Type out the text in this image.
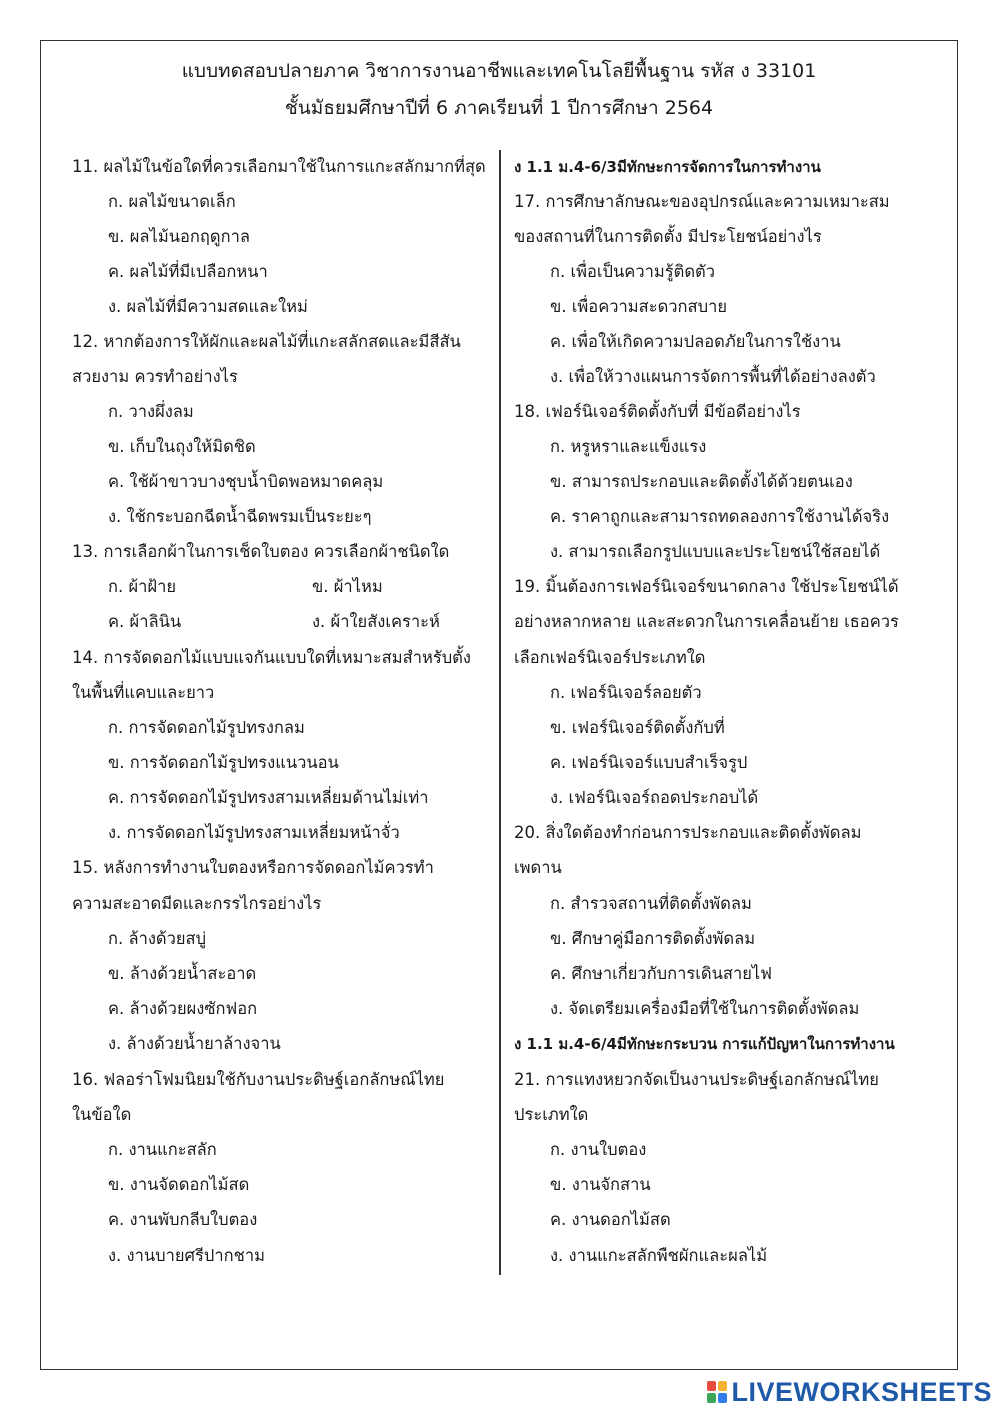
แบบทดสอบปลายภาค วิชาการงานอาชีพและเทคโนโลยีพื้นฐาน รหัส ง 33101
ชั้นมัธยมศึกษาปีที่ 6 ภาคเรียนที่ 1 ปีการศึกษา 2564
11. ผลไม้ในข้อใดที่ควรเลือกมาใช้ในการแกะสลักมากที่สุด
ก. ผลไม้ขนาดเล็ก
ข. ผลไม้นอกฤดูกาล
ค. ผลไม้ที่มีเปลือกหนา
ง. ผลไม้ที่มีความสดและใหม่
12. หากต้องการให้ผักและผลไม้ที่แกะสลักสดและมีสีสัน
สวยงาม ควรทำอย่างไร
ก. วางผึ่งลม
ข. เก็บในถุงให้มิดชิด
ค. ใช้ผ้าขาวบางชุบน้ำบิดพอหมาดคลุม
ง. ใช้กระบอกฉีดน้ำฉีดพรมเป็นระยะๆ
13. การเลือกผ้าในการเช็ดใบตอง ควรเลือกผ้าชนิดใด
ก. ผ้าฝ้าย	ข. ผ้าไหม
ค. ผ้าลินิน	ง. ผ้าใยสังเคราะห์
14. การจัดดอกไม้แบบแจกันแบบใดที่เหมาะสมสำหรับตั้ง
ในพื้นที่แคบและยาว
ก. การจัดดอกไม้รูปทรงกลม
ข. การจัดดอกไม้รูปทรงแนวนอน
ค. การจัดดอกไม้รูปทรงสามเหลี่ยมด้านไม่เท่า
ง. การจัดดอกไม้รูปทรงสามเหลี่ยมหน้าจั่ว
15. หลังการทำงานใบตองหรือการจัดดอกไม้ควรทำ
ความสะอาดมีดและกรรไกรอย่างไร
ก. ล้างด้วยสบู่
ข. ล้างด้วยน้ำสะอาด
ค. ล้างด้วยผงซักฟอก
ง. ล้างด้วยน้ำยาล้างจาน
16. ฟลอร่าโฟมนิยมใช้กับงานประดิษฐ์เอกลักษณ์ไทย
ในข้อใด
ก. งานแกะสลัก
ข. งานจัดดอกไม้สด
ค. งานพับกลีบใบตอง
ง. งานบายศรีปากชาม
ง 1.1 ม.4-6/3มีทักษะการจัดการในการทำงาน
17. การศึกษาลักษณะของอุปกรณ์และความเหมาะสม
ของสถานที่ในการติดตั้ง มีประโยชน์อย่างไร
ก. เพื่อเป็นความรู้ติดตัว
ข. เพื่อความสะดวกสบาย
ค. เพื่อให้เกิดความปลอดภัยในการใช้งาน
ง. เพื่อให้วางแผนการจัดการพื้นที่ได้อย่างลงตัว
18. เฟอร์นิเจอร์ติดตั้งกับที่ มีข้อดีอย่างไร
ก. หรูหราและแข็งแรง
ข. สามารถประกอบและติดตั้งได้ด้วยตนเอง
ค. ราคาถูกและสามารถทดลองการใช้งานได้จริง
ง. สามารถเลือกรูปแบบและประโยชน์ใช้สอยได้
19. มิ้นต้องการเฟอร์นิเจอร์ขนาดกลาง ใช้ประโยชน์ได้
อย่างหลากหลาย และสะดวกในการเคลื่อนย้าย เธอควร
เลือกเฟอร์นิเจอร์ประเภทใด
ก. เฟอร์นิเจอร์ลอยตัว
ข. เฟอร์นิเจอร์ติดตั้งกับที่
ค. เฟอร์นิเจอร์แบบสำเร็จรูป
ง. เฟอร์นิเจอร์ถอดประกอบได้
20. สิ่งใดต้องทำก่อนการประกอบและติดตั้งพัดลม
เพดาน
ก. สำรวจสถานที่ติดตั้งพัดลม
ข. ศึกษาคู่มือการติดตั้งพัดลม
ค. ศึกษาเกี่ยวกับการเดินสายไฟ
ง. จัดเตรียมเครื่องมือที่ใช้ในการติดตั้งพัดลม
ง 1.1 ม.4-6/4มีทักษะกระบวน การแก้ปัญหาในการทำงาน
21. การแทงหยวกจัดเป็นงานประดิษฐ์เอกลักษณ์ไทย
ประเภทใด
ก. งานใบตอง
ข. งานจักสาน
ค. งานดอกไม้สด
ง. งานแกะสลักพืชผักและผลไม้
LIVEWORKSHEETS
